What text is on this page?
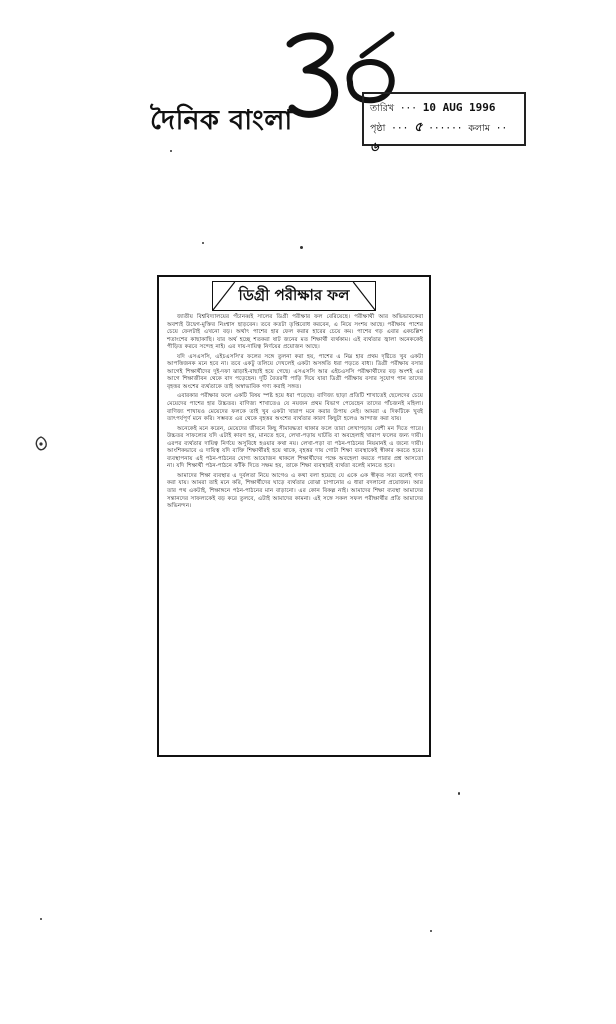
দৈনিক বাংলা	তারিখ ··· 10 AUG 1996
পৃষ্ঠা ··· ৫ ······ কলাম ·· ৬
ডিগ্রী পরীক্ষার ফল

জাতীয় বিশ্ববিদ্যালয়ের পঁচানব্বই সালের ডিগ্রী পরীক্ষার ফল বেরিয়েছে। পরীক্ষার্থী আর অভিভাবকেরা অবশ্যই উদ্বেগ-মুক্তির নিঃশ্বাস ছাড়বেন। তবে কতটা তৃপ্তিবোধ করবেন, এ নিয়ে সংশয় আছে। পরীক্ষায় পাশের চেয়ে ফেলটাই এখনো বড়। অর্থাৎ পাশের হার ফেল করার হারের চেয়ে কম। পাশের গড় এবার একচল্লিশ শতাংশের কাছাকাছি। যার অর্থ হচ্ছে শতকরা ষাট জনের মত শিক্ষার্থী ব্যর্থকাম। এই ব্যর্থতার জ্বালা অনেককেই পীড়িত করবে সন্দেহ নাই। এর দায়-দায়িত্ব নির্ণয়ের প্রয়োজন আছে।

যদি এসএসসি, এইচএসসি'র ফলের সঙ্গে তুলনা করা হয়, পাশের এ নিম্ন হার প্রথম দৃষ্টিতে খুব একটা আপত্তিজনক মনে হবে না। তবে একটু তলিয়ে দেখলেই একটা অসঙ্গতি ধরা পড়তে বাধ্য। ডিগ্রী পরীক্ষায় বসার আগেই শিক্ষার্থীদের দুই-দফা ঝাড়াই-বাছাই হয়ে গেছে। এসএসসি আর এইচএসসি পরীক্ষার্থীদের বড় অংশই এর আগে শিক্ষাজীবন থেকে বাদ পড়েছেন। দুটি বৈতরণী পাড়ি দিয়ে যারা ডিগ্রী পরীক্ষায় বসার সুযোগ পান তাদের বৃহত্তর অংশের ব্যর্থতাকে তাই অস্বাভাবিক গণ্য করাই সঙ্গত।

এবারকার পরীক্ষার ফলে একটি বিষয় স্পষ্ট হয়ে ধরা পড়েছে। বাণিজ্য ছাড়া প্রতিটি শাখাতেই ছেলেদের চেয়ে মেয়েদের পাশের হার উচ্চতর। বাণিজ্য শাখাতেও যে নয়জন প্রথম বিভাগ পেয়েছেন তাদের পাঁচজনই মহিলা। বাণিজ্য শাখায়ও মেয়েদের ফলকে তাই খুব একটা খারাপ মনে করার উপায় নেই। আমরা এ দিকটিকে খুবই তাৎপর্যপূর্ণ মনে করি। সম্ভবত এর থেকে বৃহত্তর অংশের ব্যর্থতার কারণ কিছুটা হলেও আন্দাজ করা যায়।

অনেকেই মনে করেন, মেয়েদের জীবনে কিছু সীমাবদ্ধতা থাকার ফলে তারা লেখাপড়ায় বেশী মন দিতে পারে। উচ্চতর সাফল্যের যদি এটাই কারণ হয়, মানতে হবে, লেখা-পড়ায় ঘাটতি বা অবহেলাই খারাপ ফলের জন্য দায়ী। এরপর ব্যর্থতার দায়িত্ব নির্ণয়ে অসুবিধে হওয়ার কথা নয়। লেখা-পড়া বা পঠন-পাঠনের নিয়মানই এ জন্যে দায়ী। আংশিকভাবে এ দায়িত্ব যদি ব্যক্তি শিক্ষার্থীরই হয়ে থাকে, বৃহত্তর দায় গোটা শিক্ষা ব্যবস্থাকেই স্বীকার করতে হবে। ব্যবস্থাপনায় এই পঠন-পাঠনের যোগ্য আয়োজন থাকলে শিক্ষার্থীদের পক্ষে অবহেলা করতে পারার প্রশ্ন আসতো না। যদি শিক্ষার্থী পঠন-পাঠনে ফাঁকি দিতে সক্ষম হয়, তাকে শিক্ষা ব্যবস্থারই ব্যর্থতা বলেই মানতে হবে।

আমাদের শিক্ষা ব্যবস্থার এ দুর্বলতা নিয়ে আগেও এ কথা বলা হয়েছে যে একে এক স্বীকৃত সত্য বলেই গণ্য করা যায়। আমরা তাই মনে করি, শিক্ষার্থীদের ঘাড়ে ব্যর্থতার বোঝা চাপানোর এ ধারা বদলানো প্রয়োজন। আর তার পথ একটাই, শিক্ষাঙ্গনে পঠন-পাঠনের মান বাড়ানো। এর কোন বিকল্প নাই। আমাদের শিক্ষা ব্যবস্থা আমাদের সন্তানদের সাফল্যকেই বড় করে তুলবে, এটাই আমাদের কামনা। এই সঙ্গে সকল সফল পরীক্ষার্থীর প্রতি আমাদের অভিনন্দন।
